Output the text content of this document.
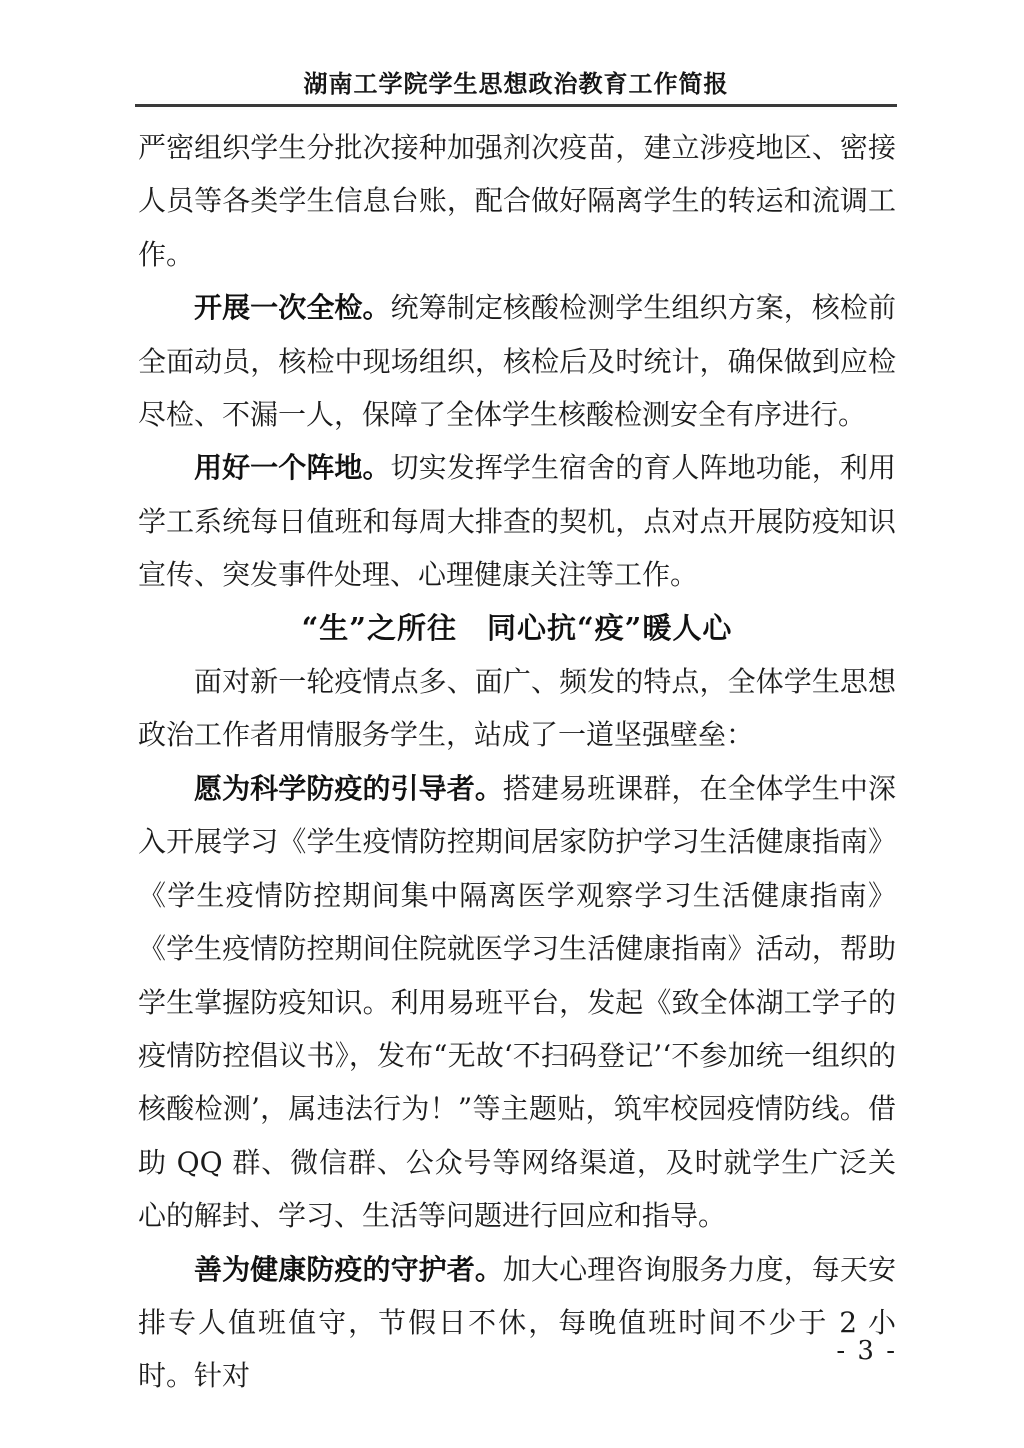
湖南工学院学生思想政治教育工作简报

严密组织学生分批次接种加强剂次疫苗，建立涉疫地区、密接人员等各类学生信息台账，配合做好隔离学生的转运和流调工作。

开展一次全检。统筹制定核酸检测学生组织方案，核检前全面动员，核检中现场组织，核检后及时统计，确保做到应检尽检、不漏一人，保障了全体学生核酸检测安全有序进行。

用好一个阵地。切实发挥学生宿舍的育人阵地功能，利用学工系统每日值班和每周大排查的契机，点对点开展防疫知识宣传、突发事件处理、心理健康关注等工作。

“生”之所往　同心抗“疫”暖人心

面对新一轮疫情点多、面广、频发的特点，全体学生思想政治工作者用情服务学生，站成了一道坚强壁垒：

愿为科学防疫的引导者。搭建易班课群，在全体学生中深入开展学习《学生疫情防控期间居家防护学习生活健康指南》《学生疫情防控期间集中隔离医学观察学习生活健康指南》《学生疫情防控期间住院就医学习生活健康指南》活动，帮助学生掌握防疫知识。利用易班平台，发起《致全体湖工学子的疫情防控倡议书》，发布“无故‘不扫码登记’‘不参加统一组织的核酸检测’，属违法行为！”等主题贴，筑牢校园疫情防线。借助 QQ 群、微信群、公众号等网络渠道，及时就学生广泛关心的解封、学习、生活等问题进行回应和指导。

善为健康防疫的守护者。加大心理咨询服务力度，每天安排专人值班值守，节假日不休，每晚值班时间不少于 2 小时。针对

- 3 -
